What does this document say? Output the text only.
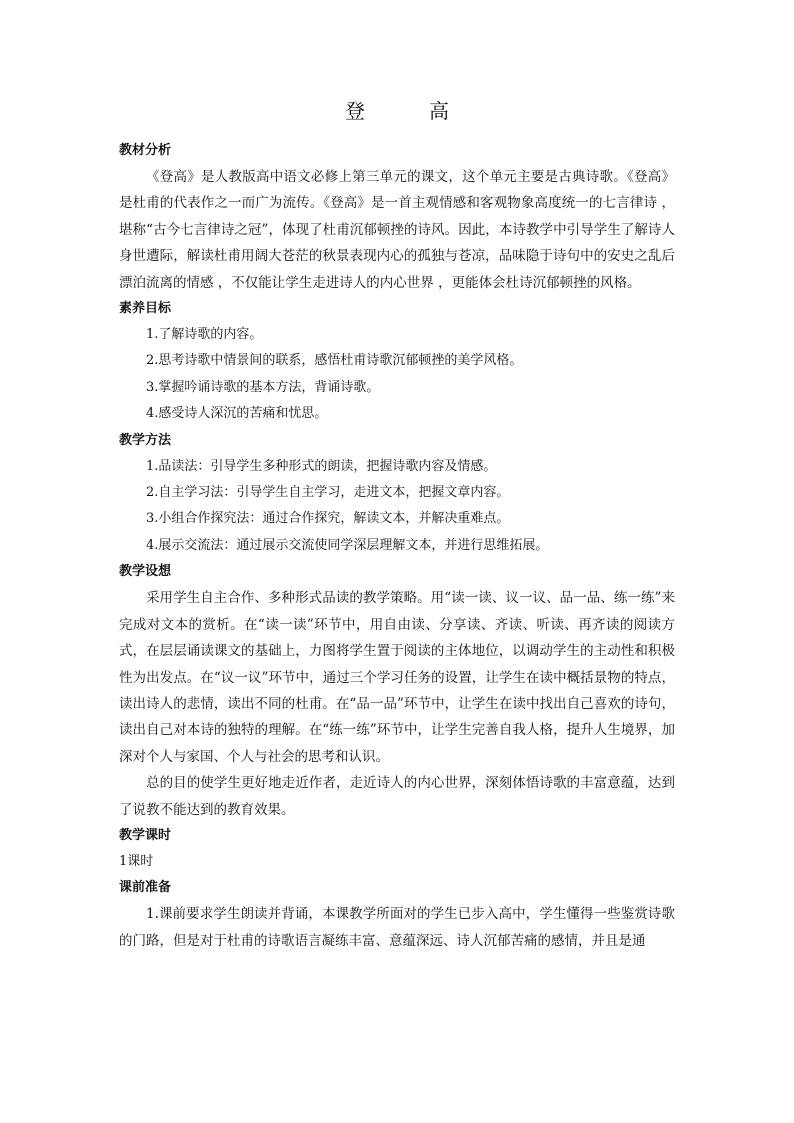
登　高

教材分析

《登高》是人教版高中语文必修上第三单元的课文，这个单元主要是古典诗歌。《登高》是杜甫的代表作之一而广为流传。《登高》是一首主观情感和客观物象高度统一的七言律诗 ，堪称“古今七言律诗之冠”，体现了杜甫沉郁顿挫的诗风。因此，本诗教学中引导学生了解诗人身世遭际，解读杜甫用阔大苍茫的秋景表现内心的孤独与苍凉，品味隐于诗句中的安史之乱后漂泊流离的情感 ，不仅能让学生走进诗人的内心世界 ，更能体会杜诗沉郁顿挫的风格。

素养目标

1.了解诗歌的内容。

2.思考诗歌中情景间的联系，感悟杜甫诗歌沉郁顿挫的美学风格。

3.掌握吟诵诗歌的基本方法，背诵诗歌。

4.感受诗人深沉的苦痛和忧思。

教学方法

1.品读法：引导学生多种形式的朗读，把握诗歌内容及情感。

2.自主学习法：引导学生自主学习，走进文本，把握文章内容。

3.小组合作探究法：通过合作探究，解读文本，并解决重难点。

4.展示交流法：通过展示交流使同学深层理解文本，并进行思维拓展。

教学设想

采用学生自主合作、多种形式品读的教学策略。用“读一读、议一议、品一品、练一练”来完成对文本的赏析。在“读一读”环节中，用自由读、分享读、齐读、听读、再齐读的阅读方式，在层层诵读课文的基础上，力图将学生置于阅读的主体地位，以调动学生的主动性和积极性为出发点。在“议一议”环节中，通过三个学习任务的设置，让学生在读中概括景物的特点，读出诗人的悲情，读出不同的杜甫。在“品一品”环节中，让学生在读中找出自己喜欢的诗句，读出自己对本诗的独特的理解。在“练一练”环节中，让学生完善自我人格，提升人生境界，加深对个人与家国、个人与社会的思考和认识。

总的目的使学生更好地走近作者，走近诗人的内心世界，深刻体悟诗歌的丰富意蕴，达到了说教不能达到的教育效果。

教学课时

1课时

课前准备

1.课前要求学生朗读并背诵，本课教学所面对的学生已步入高中，学生懂得一些鉴赏诗歌的门路，但是对于杜甫的诗歌语言凝练丰富、意蕴深远、诗人沉郁苦痛的感情，并且是通
